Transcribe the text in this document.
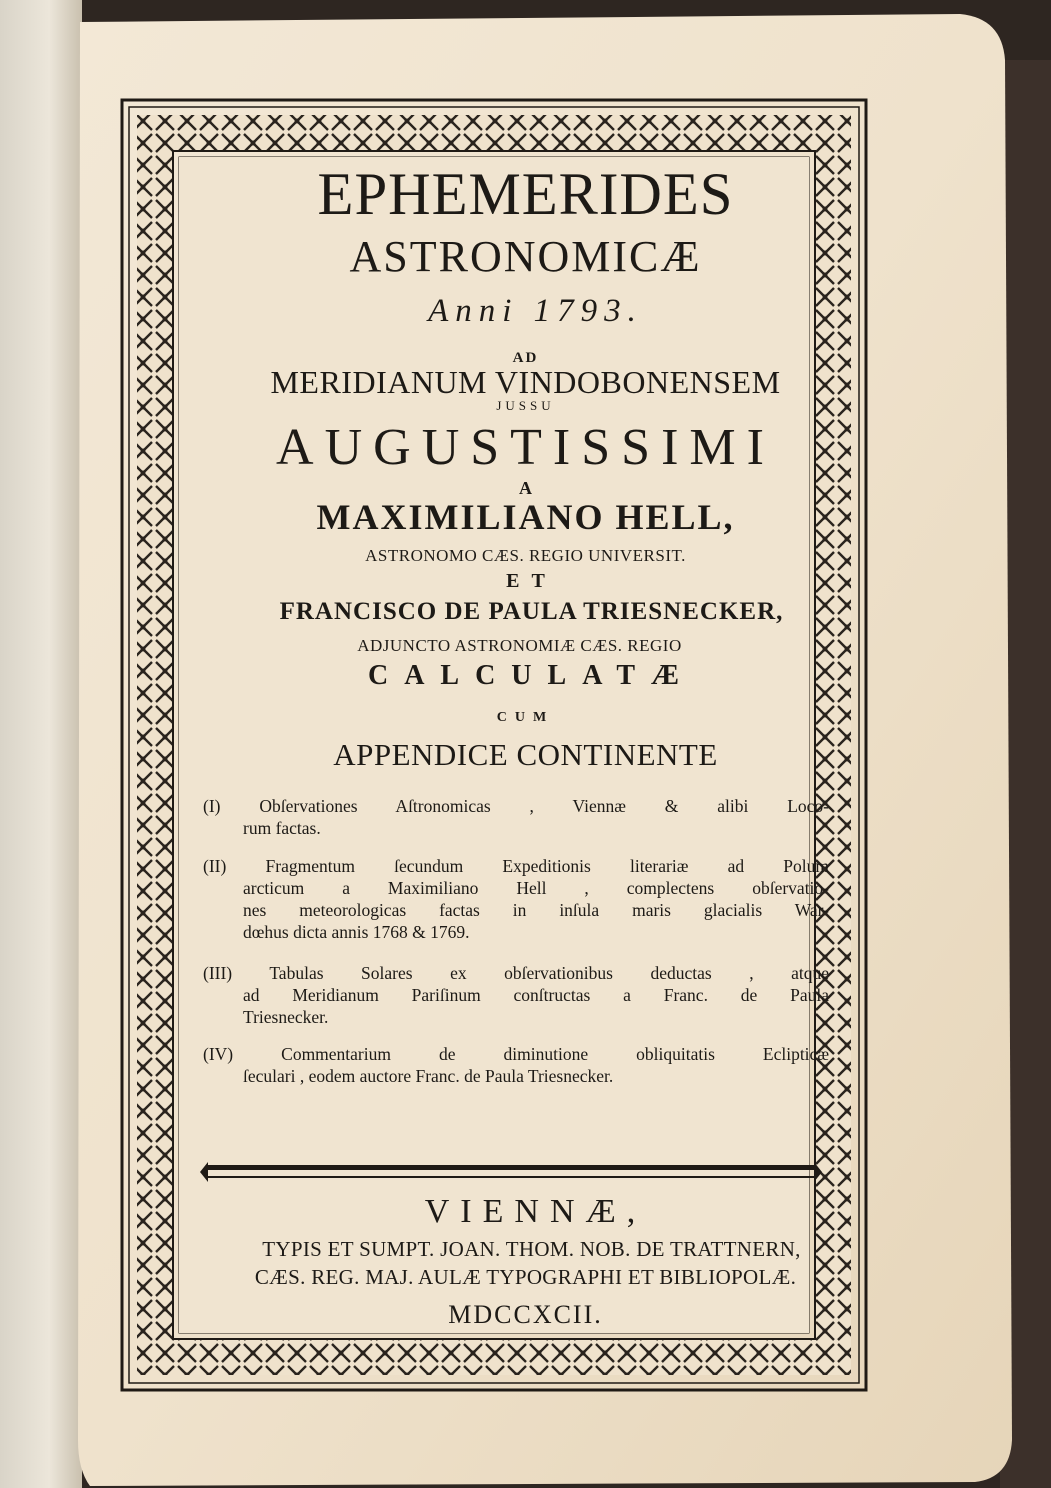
EPHEMERIDES

ASTRONOMICÆ

Anni 1793.

AD

MERIDIANUM VINDOBONENSEM

JUSSU

AUGUSTISSIMI

A

MAXIMILIANO HELL,

ASTRONOMO CÆS. REGIO UNIVERSIT.

ET

FRANCISCO DE PAULA TRIESNECKER,

ADJUNCTO ASTRONOMIÆ CÆS. REGIO

CALCULATÆ

CUM

APPENDICE CONTINENTE

(I) Obſervationes Aſtronomicas , Viennæ & alibi Loco-
rum factas.
(II) Fragmentum ſecundum Expeditionis literariæ ad Polum
arcticum a Maximiliano Hell , complectens obſervatio-
nes meteorologicas factas in inſula maris glacialis War-
dœhus dicta annis 1768 & 1769.
(III) Tabulas Solares ex obſervationibus deductas , atque
ad Meridianum Pariſinum conſtructas a Franc. de Paula
Triesnecker.
(IV)	Commentarium de diminutione obliquitatis Eclipticæ
ſeculari , eodem auctore Franc. de Paula Triesnecker.

VIENNÆ,

TYPIS ET SUMPT. JOAN. THOM. NOB. DE TRATTNERN,

CÆS. REG. MAJ. AULÆ TYPOGRAPHI ET BIBLIOPOLÆ.

MDCCXCII.
